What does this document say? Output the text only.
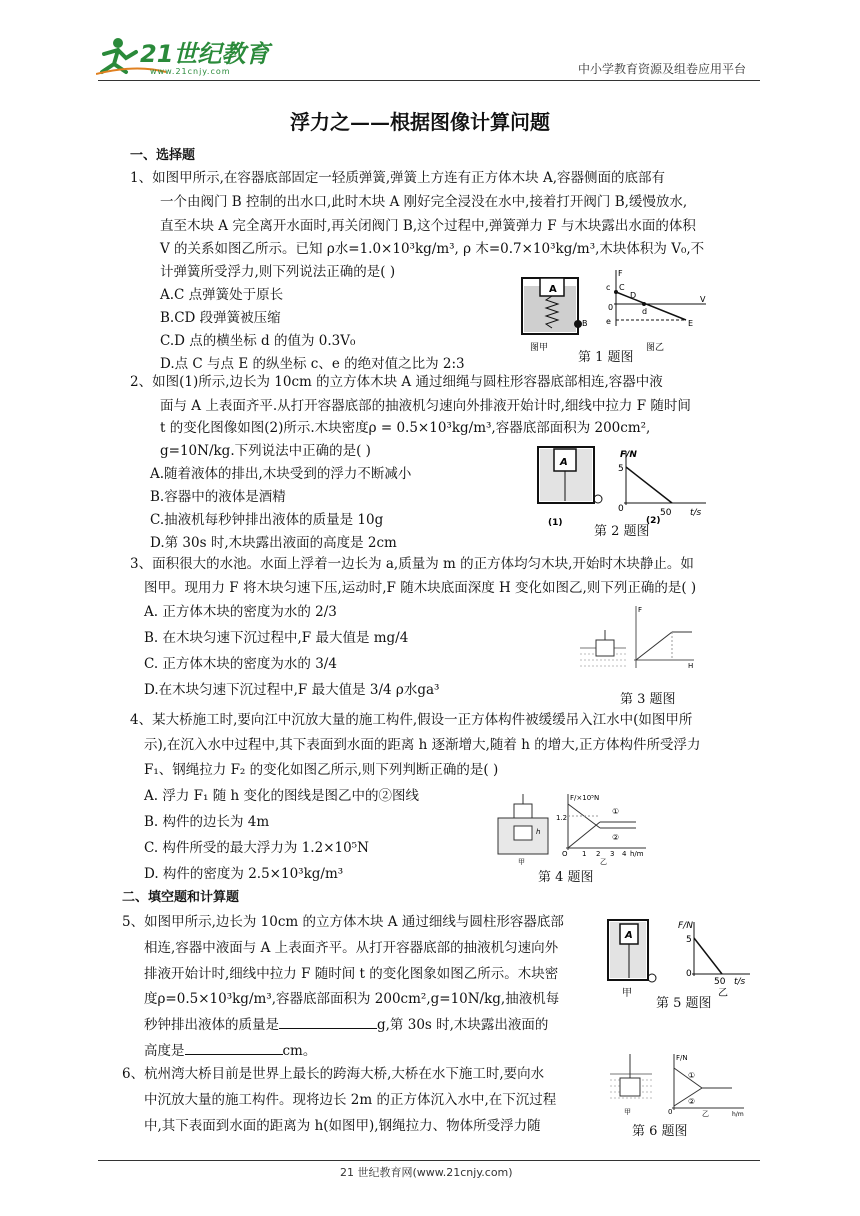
21世纪教育
www.21cnjy.com	中小学教育资源及组卷应用平台
浮力之——根据图像计算问题
一、选择题
1、如图甲所示,在容器底部固定一轻质弹簧,弹簧上方连有正方体木块 A,容器侧面的底部有
一个由阀门 B 控制的出水口,此时木块 A 刚好完全浸没在水中,接着打开阀门 B,缓慢放水,
直至木块 A 完全离开水面时,再关闭阀门 B,这个过程中,弹簧弹力 F 与木块露出水面的体积
V 的关系如图乙所示。已知 ρ水=1.0×10³kg/m³, ρ 木=0.7×10³kg/m³,木块体积为 V₀,不
计弹簧所受浮力,则下列说法正确的是( )
A.C 点弹簧处于原长
B.CD 段弹簧被压缩
C.D 点的横坐标 d 的值为 0.3V₀
D.点 C 与点 E 的纵坐标 c、e 的绝对值之比为 2:3
A
B
图甲
F
c C
D
d
V
e	E
0
图乙
第 1 题图
2、如图(1)所示,边长为 10cm 的立方体木块 A 通过细绳与圆柱形容器底部相连,容器中液
面与 A 上表面齐平.从打开容器底部的抽液机匀速向外排液开始计时,细线中拉力 F 随时间
t 的变化图像如图(2)所示.木块密度ρ = 0.5×10³kg/m³,容器底部面积为 200cm²,
g=10N/kg.下列说法中正确的是( )
A.随着液体的排出,木块受到的浮力不断减小
B.容器中的液体是酒精
C.抽液机每秒钟排出液体的质量是 10g
D.第 30s 时,木块露出液面的高度是 2cm
A
F/N
5
0	50 t/s
(1)	(2)
第 2 题图
3、面积很大的水池。水面上浮着一边长为 a,质量为 m 的正方体均匀木块,开始时木块静止。如
图甲。现用力 F 将木块匀速下压,运动时,F 随木块底面深度 H 变化如图乙,则下列正确的是( )
A. 正方体木块的密度为水的 2/3
B. 在木块匀速下沉过程中,F 最大值是 mg/4
C. 正方体木块的密度为水的 3/4
D.在木块匀速下沉过程中,F 最大值是 3/4 ρ水ga³
F
H
第 3 题图
4、某大桥施工时,要向江中沉放大量的施工构件,假设一正方体构件被缓缓吊入江水中(如图甲所
示),在沉入水中过程中,其下表面到水面的距离 h 逐渐增大,随着 h 的增大,正方体构件所受浮力
F₁、钢绳拉力 F₂ 的变化如图乙所示,则下列判断正确的是( )
A. 浮力 F₁ 随 h 变化的图线是图乙中的②图线
B. 构件的边长为 4m
C. 构件所受的最大浮力为 1.2×10⁵N
D. 构件的密度为 2.5×10³kg/m³
h
甲
F/×10⁵N
1.2
①
②
O 1 2 3 4 h/m
乙
第 4 题图
二、填空题和计算题
5、如图甲所示,边长为 10cm 的立方体木块 A 通过细线与圆柱形容器底部
相连,容器中液面与 A 上表面齐平。从打开容器底部的抽液机匀速向外
排液开始计时,细线中拉力 F 随时间 t 的变化图象如图乙所示。木块密
度ρ=0.5×10³kg/m³,容器底部面积为 200cm²,g=10N/kg,抽液机每
秒钟排出液体的质量是	g,第 30s 时,木块露出液面的
高度是	cm。
A
甲
F/N
5
0
50 t/s
乙
第 5 题图
6、杭州湾大桥目前是世界上最长的跨海大桥,大桥在水下施工时,要向水
中沉放大量的施工构件。现将边长 2m 的正方体沉入水中,在下沉过程
中,其下表面到水面的距离为 h(如图甲),钢绳拉力、物体所受浮力随
甲
F/N
①
②
0	h/m
乙
第 6 题图
21 世纪教育网(www.21cnjy.com)
